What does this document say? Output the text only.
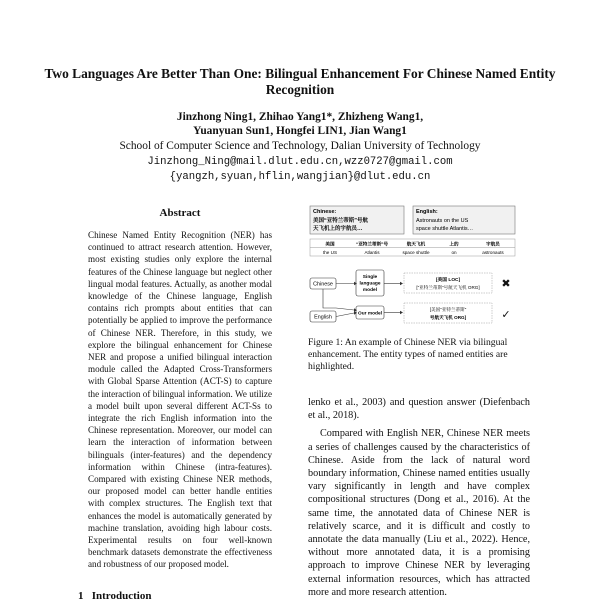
Two Languages Are Better Than One: Bilingual Enhancement For Chinese Named Entity Recognition
Jinzhong Ning1, Zhihao Yang1*, Zhizheng Wang1,
Yuanyuan Sun1, Hongfei LIN1, Jian Wang1
School of Computer Science and Technology, Dalian University of Technology
Jinzhong_Ning@mail.dlut.edu.cn,wzz0727@gmail.com
{yangzh,syuan,hflin,wangjian}@dlut.edu.cn
Abstract
Chinese Named Entity Recognition (NER) has continued to attract research attention. However, most existing studies only explore the internal features of the Chinese language but neglect other lingual modal features. Actually, as another modal knowledge of the Chinese language, English contains rich prompts about entities that can potentially be applied to improve the performance of Chinese NER. Therefore, in this study, we explore the bilingual enhancement for Chinese NER and propose a unified bilingual interaction module called the Adapted Cross-Transformers with Global Sparse Attention (ACT-S) to capture the interaction of bilingual information. We utilize a model built upon several different ACT-Ss to integrate the rich English information into the Chinese representation. Moreover, our model can learn the interaction of information between bilinguals (inter-features) and the dependency information within Chinese (intra-features). Compared with existing Chinese NER methods, our proposed model can better handle entities with complex structures. The English text that enhances the model is automatically generated by machine translation, avoiding high labour costs. Experimental results on four well-known benchmark datasets demonstrate the effectiveness and robustness of our proposed model.
1 Introduction
Chinese:
美国“亚特兰蒂斯”号航
天飞机上的宇航员…
English:
Astronauts on the US
space shuttle Atlantis…
美国	“亚特兰蒂斯”号	航天飞机	上的	宇航员
the US	Atlantis	space shuttle	on	astronauts
Chinese
English
Single
language
model
Our model
[美国 LOC]
[“亚特兰蒂斯”号航天飞机 ORG]
[美国“亚特兰蒂斯”
号航天飞机 ORG]
✖
✓
Figure 1: An example of Chinese NER via bilingual enhancement. The entity types of named entities are highlighted.

lenko et al., 2003) and question answer (Diefenbach et al., 2018).

Compared with English NER, Chinese NER meets a series of challenges caused by the characteristics of Chinese. Aside from the lack of natural word boundary information, Chinese named entities usually vary significantly in length and have complex compositional structures (Dong et al., 2016). At the same time, the annotated data of Chinese NER is relatively scarce, and it is difficult and costly to annotate the data manually (Liu et al., 2022). Hence, without more annotated data, it is a promising approach to improve Chinese NER by leveraging external information resources, which has attracted more and more research attention.
